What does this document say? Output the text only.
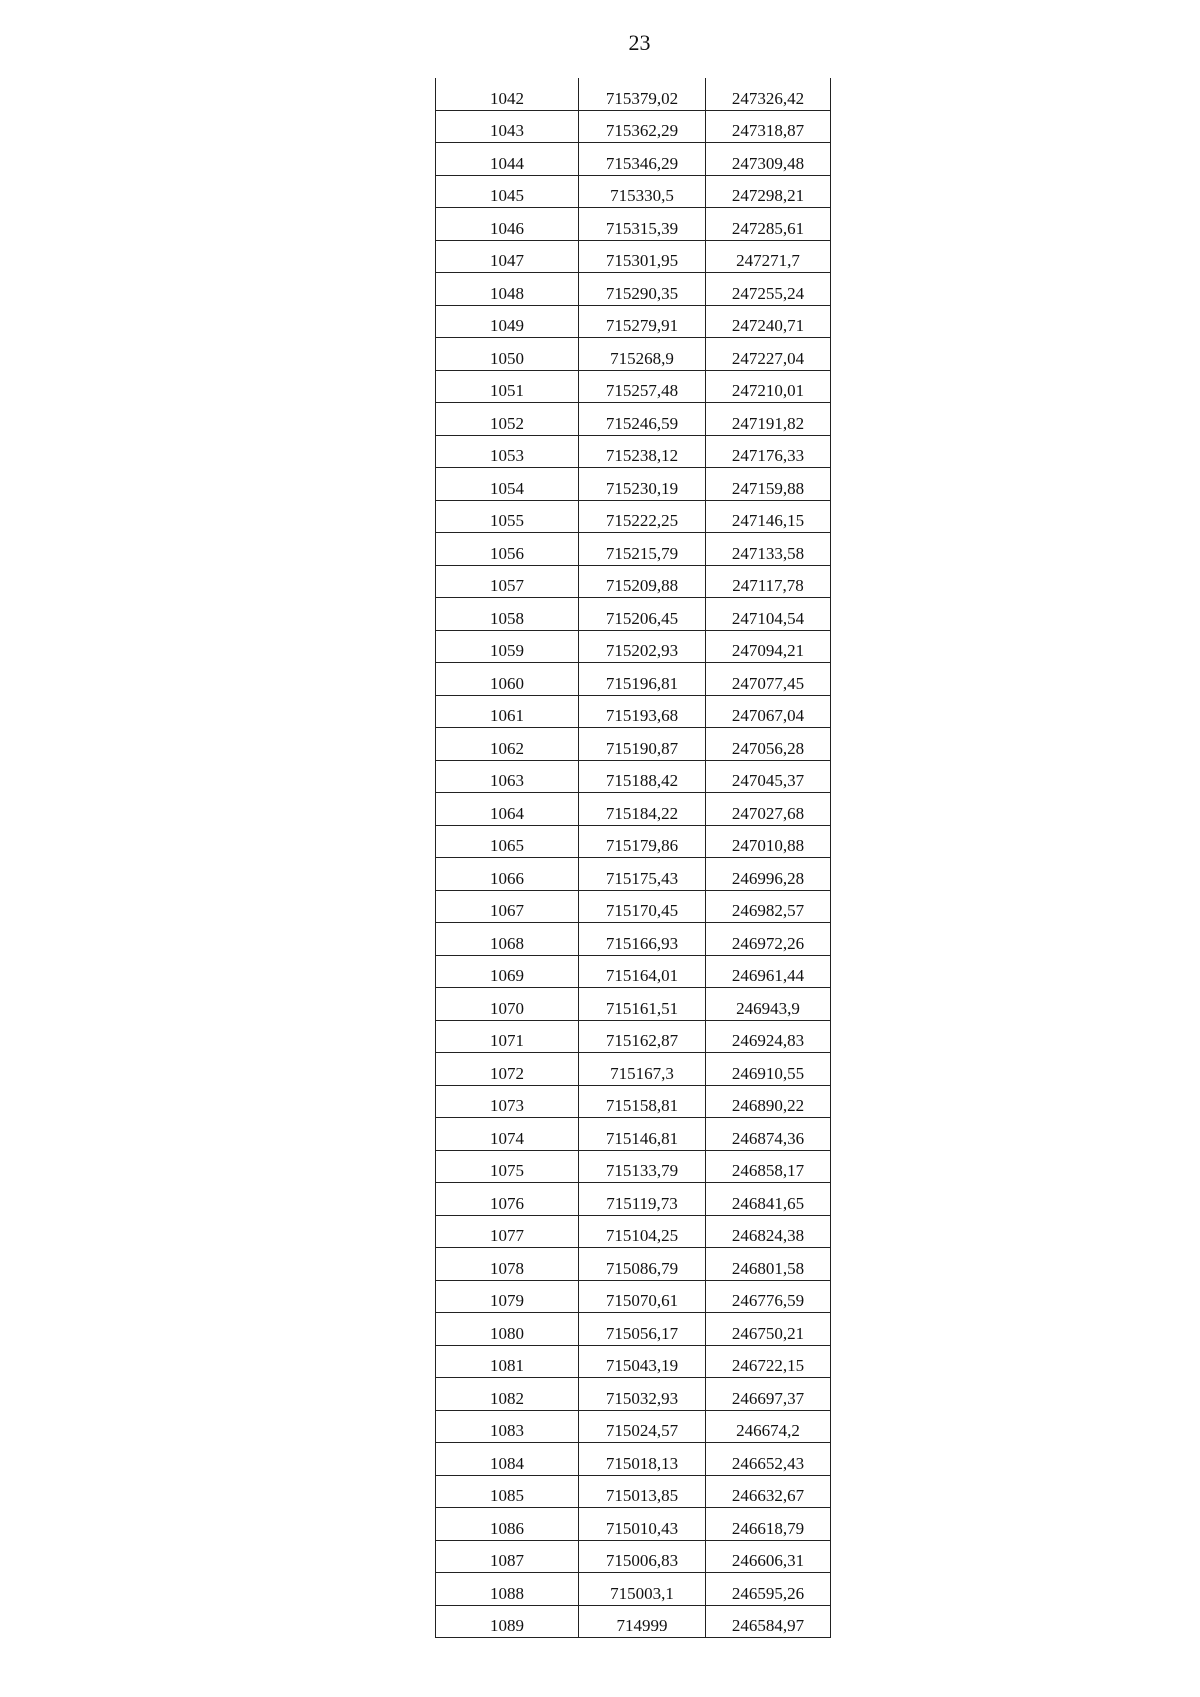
23
1042	715379,02	247326,42
1043	715362,29	247318,87
1044	715346,29	247309,48
1045	715330,5	247298,21
1046	715315,39	247285,61
1047	715301,95	247271,7
1048	715290,35	247255,24
1049	715279,91	247240,71
1050	715268,9	247227,04
1051	715257,48	247210,01
1052	715246,59	247191,82
1053	715238,12	247176,33
1054	715230,19	247159,88
1055	715222,25	247146,15
1056	715215,79	247133,58
1057	715209,88	247117,78
1058	715206,45	247104,54
1059	715202,93	247094,21
1060	715196,81	247077,45
1061	715193,68	247067,04
1062	715190,87	247056,28
1063	715188,42	247045,37
1064	715184,22	247027,68
1065	715179,86	247010,88
1066	715175,43	246996,28
1067	715170,45	246982,57
1068	715166,93	246972,26
1069	715164,01	246961,44
1070	715161,51	246943,9
1071	715162,87	246924,83
1072	715167,3	246910,55
1073	715158,81	246890,22
1074	715146,81	246874,36
1075	715133,79	246858,17
1076	715119,73	246841,65
1077	715104,25	246824,38
1078	715086,79	246801,58
1079	715070,61	246776,59
1080	715056,17	246750,21
1081	715043,19	246722,15
1082	715032,93	246697,37
1083	715024,57	246674,2
1084	715018,13	246652,43
1085	715013,85	246632,67
1086	715010,43	246618,79
1087	715006,83	246606,31
1088	715003,1	246595,26
1089	714999	246584,97
